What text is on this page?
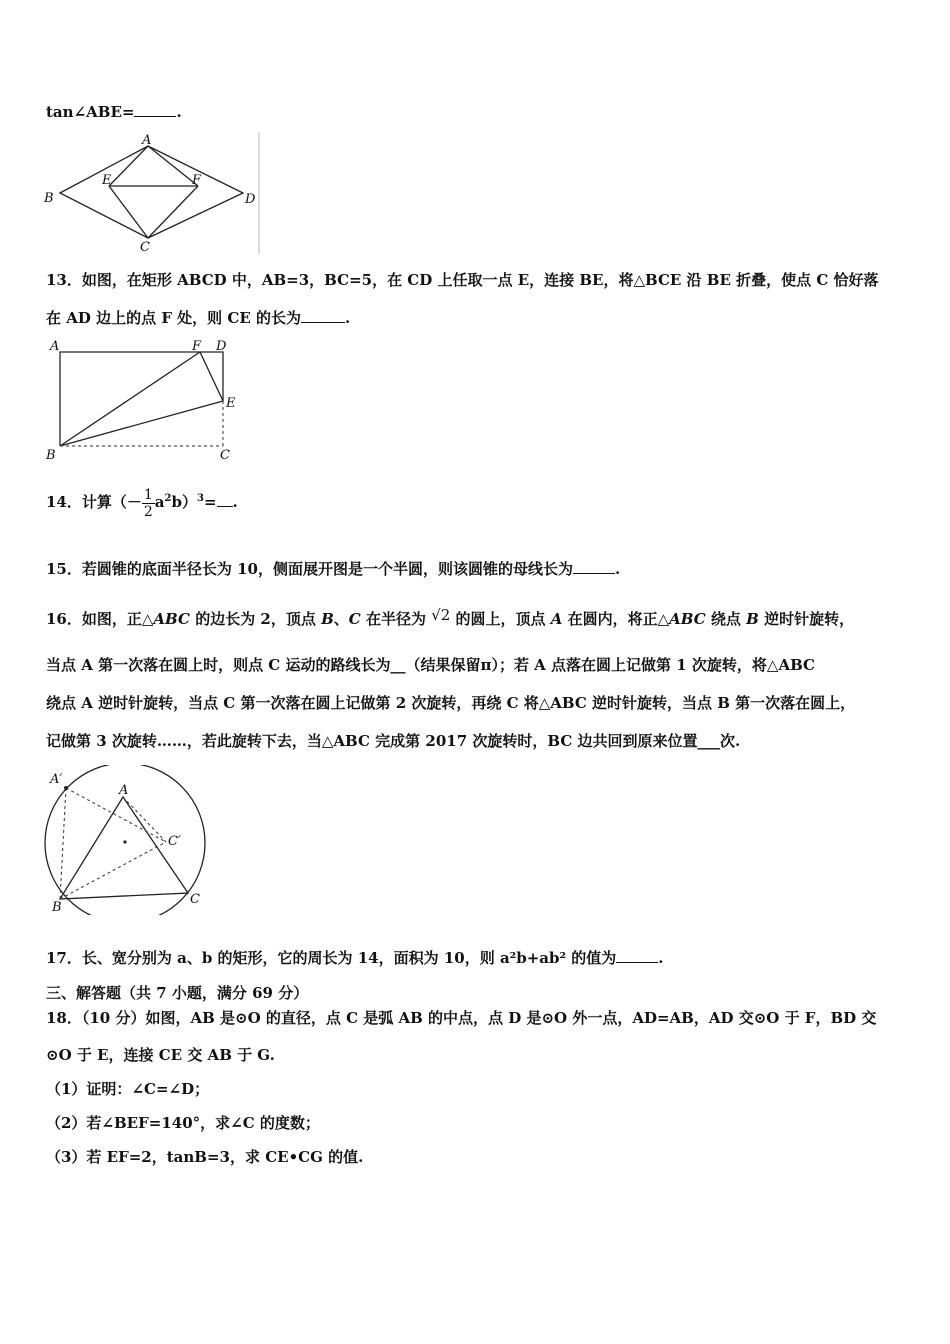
tan∠ABE=	.
A
B
C
D
E	F
13．如图，在矩形 ABCD 中，AB=3，BC=5，在 CD 上任取一点 E，连接 BE，将△BCE 沿 BE 折叠，使点 C 恰好落
在 AD 边上的点 F 处，则 CE 的长为	.
A	F D
E
B	C
14．计算（－ $\frac{1}{2} a^2b)^3=$ .
15．若圆锥的底面半径长为 10，侧面展开图是一个半圆，则该圆锥的母线长为	.
16．如图，正△ABC 的边长为 2，顶点 B、C 在半径为 √2 的圆上，顶点 A 在圆内，将正△ABC 绕点 B 逆时针旋转，
当点 A 第一次落在圆上时，则点 C 运动的路线长为__（结果保留π）；若 A 点落在圆上记做第 1 次旋转，将△ABC
绕点 A 逆时针旋转，当点 C 第一次落在圆上记做第 2 次旋转，再绕 C 将△ABC 逆时针旋转，当点 B 第一次落在圆上，
记做第 3 次旋转……，若此旋转下去，当△ABC 完成第 2017 次旋转时，BC 边共回到原来位置___次.
A′
A
C′
B
C
17．长、宽分别为 a、b 的矩形，它的周长为 14，面积为 10，则 a²b+ab² 的值为	.
三、解答题（共 7 小题，满分 69 分）
18．（10 分）如图，AB 是⊙O 的直径，点 C 是弧 AB 的中点，点 D 是⊙O 外一点，AD=AB，AD 交⊙O 于 F，BD 交
⊙O 于 E，连接 CE 交 AB 于 G.
（1）证明：∠C=∠D；
（2）若∠BEF=140°，求∠C 的度数；
（3）若 EF=2，tanB=3，求 CE•CG 的值.
